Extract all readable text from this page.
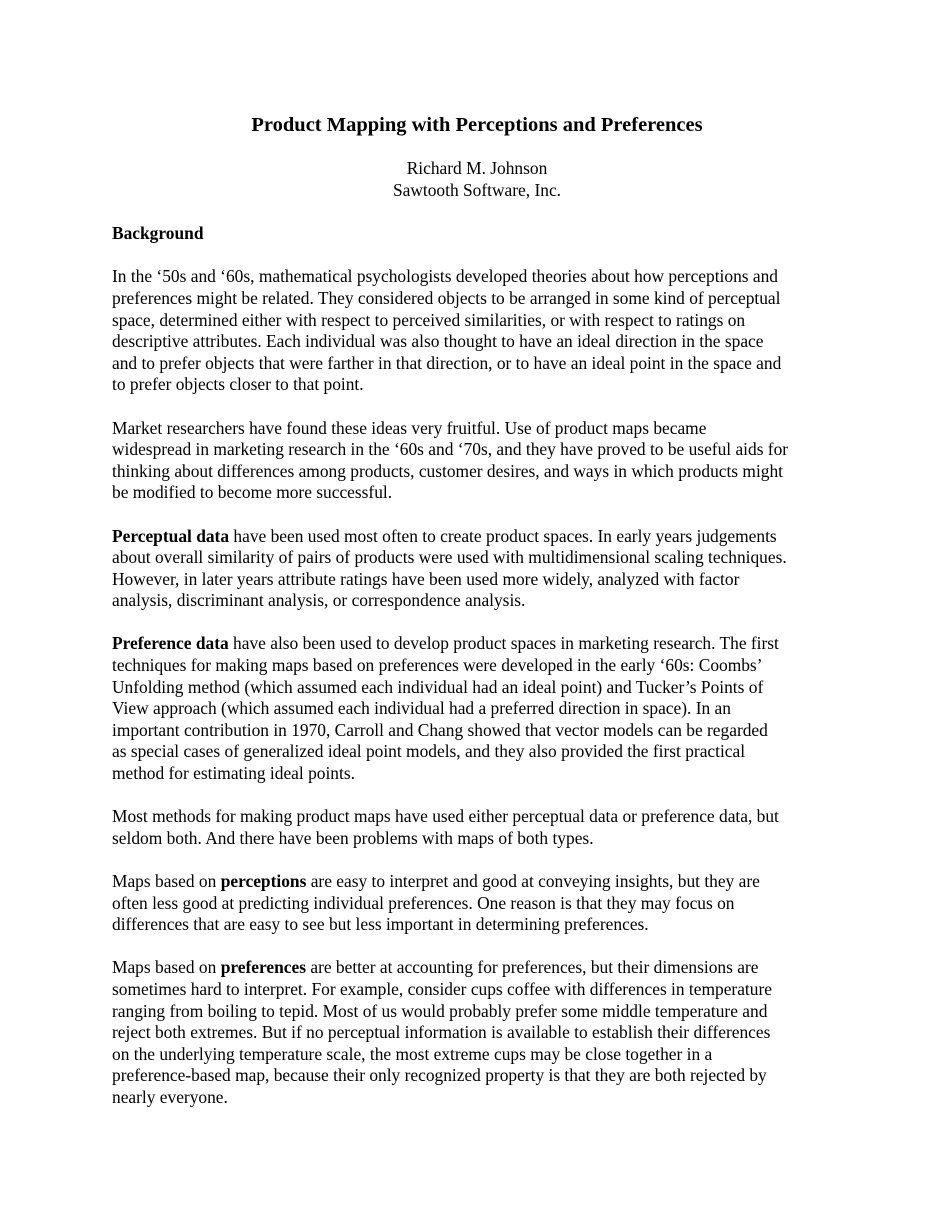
Product Mapping with Perceptions and Preferences
Richard M. Johnson
Sawtooth Software, Inc.
Background
In the ‘50s and ‘60s, mathematical psychologists developed theories about how perceptions and
preferences might be related. They considered objects to be arranged in some kind of perceptual
space, determined either with respect to perceived similarities, or with respect to ratings on
descriptive attributes. Each individual was also thought to have an ideal direction in the space
and to prefer objects that were farther in that direction, or to have an ideal point in the space and
to prefer objects closer to that point.
Market researchers have found these ideas very fruitful. Use of product maps became
widespread in marketing research in the ‘60s and ‘70s, and they have proved to be useful aids for
thinking about differences among products, customer desires, and ways in which products might
be modified to become more successful.
Perceptual data have been used most often to create product spaces. In early years judgements
about overall similarity of pairs of products were used with multidimensional scaling techniques.
However, in later years attribute ratings have been used more widely, analyzed with factor
analysis, discriminant analysis, or correspondence analysis.
Preference data have also been used to develop product spaces in marketing research. The first
techniques for making maps based on preferences were developed in the early ‘60s: Coombs’
Unfolding method (which assumed each individual had an ideal point) and Tucker’s Points of
View approach (which assumed each individual had a preferred direction in space). In an
important contribution in 1970, Carroll and Chang showed that vector models can be regarded
as special cases of generalized ideal point models, and they also provided the first practical
method for estimating ideal points.
Most methods for making product maps have used either perceptual data or preference data, but
seldom both. And there have been problems with maps of both types.
Maps based on perceptions are easy to interpret and good at conveying insights, but they are
often less good at predicting individual preferences. One reason is that they may focus on
differences that are easy to see but less important in determining preferences.
Maps based on preferences are better at accounting for preferences, but their dimensions are
sometimes hard to interpret. For example, consider cups coffee with differences in temperature
ranging from boiling to tepid. Most of us would probably prefer some middle temperature and
reject both extremes. But if no perceptual information is available to establish their differences
on the underlying temperature scale, the most extreme cups may be close together in a
preference-based map, because their only recognized property is that they are both rejected by
nearly everyone.
